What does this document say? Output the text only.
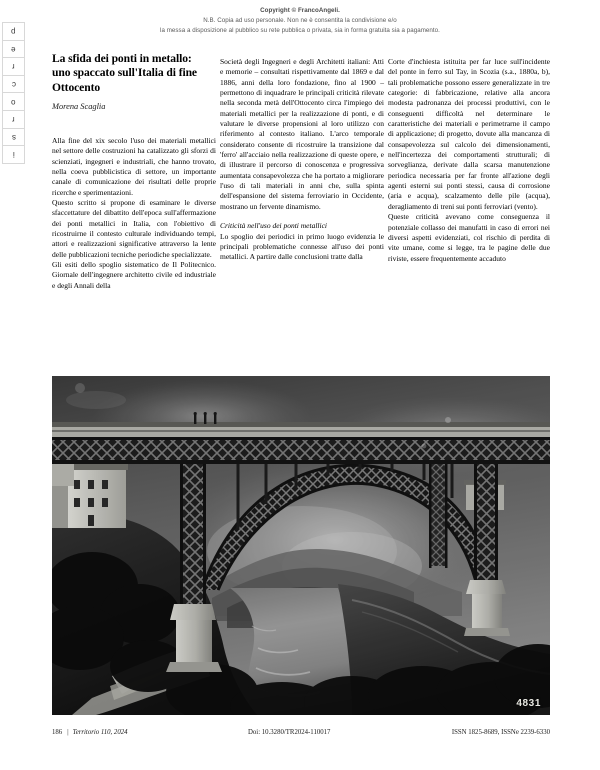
Copyright © FrancoAngeli.
N.B. Copia ad uso personale. Non ne è consentita la condivisione e/o
la messa a disposizione al pubblico su rete pubblica o privata, sia in forma gratuita sia a pagamento.
p
e
r
c
o
r
s
i
La sfida dei ponti in metallo: uno spaccato sull'Italia di fine Ottocento
Morena Scaglia

Alla fine del xix secolo l'uso dei materiali metallici nel settore delle costruzioni ha catalizzato gli sforzi di scienziati, ingegneri e industriali, che hanno trovato, nella coeva pubblicistica di settore, un importante canale di comunicazione dei risultati delle proprie ricerche e sperimentazioni.

Questo scritto si propone di esaminare le diverse sfaccettature del dibattito dell'epoca sull'affermazione dei ponti metallici in Italia, con l'obiettivo di ricostruirne il contesto culturale individuando tempi, attori e realizzazioni significative attraverso la lente delle pubblicazioni tecniche periodiche specializzate.

Gli esiti dello spoglio sistematico de Il Politecnico. Giornale dell'ingegnere architetto civile ed industriale e degli Annali della

Società degli Ingegneri e degli Architetti italiani: Atti e memorie – consultati rispettivamente dal 1869 e dal 1886, anni della loro fondazione, fino al 1900 – permettono di inquadrare le principali criticità rilevate nella seconda metà dell'Ottocento circa l'impiego dei materiali metallici per la realizzazione di ponti, e di valutare le diverse propensioni al loro utilizzo con riferimento al contesto italiano. L'arco temporale considerato consente di ricostruire la transizione dal 'ferro' all'acciaio nella realizzazione di queste opere, e di illustrare il percorso di conoscenza e progressiva aumentata consapevolezza che ha portato a migliorare l'uso di tali materiali in anni che, sulla spinta dell'espansione del sistema ferroviario in Occidente, mostrano un fervente dinamismo.

Criticità nell'uso dei ponti metallici

Lo spoglio dei periodici in primo luogo evidenzia le principali problematiche connesse all'uso dei ponti metallici. A partire dalle conclusioni tratte dalla

Corte d'inchiesta istituita per far luce sull'incidente del ponte in ferro sul Tay, in Scozia (s.a., 1880a, b), tali problematiche possono essere generalizzate in tre categorie: di fabbricazione, relative alla ancora modesta padronanza dei processi produttivi, con le conseguenti difficoltà nel determinare le caratteristiche dei materiali e perimetrarne il campo di applicazione; di progetto, dovute alla mancanza di consapevolezza sul calcolo dei dimensionamenti, nell'incertezza dei comportamenti strutturali; di sorveglianza, derivate dalla scarsa manutenzione periodica necessaria per far fronte all'azione degli agenti esterni sui ponti stessi, causa di corrosione (aria e acqua), scalzamento delle pile (acqua), deragliamento di treni sui ponti ferroviari (vento).

Queste criticità avevano come conseguenza il potenziale collasso dei manufatti in caso di errori nei diversi aspetti evidenziati, col rischio di perdita di vite umane, come si legge, tra le pagine delle due riviste, essere frequentemente accaduto

4831
186 | Territorio 110, 2024	Doi: 10.3280/TR2024-110017	ISSN 1825-8689, ISSNe 2239-6330
